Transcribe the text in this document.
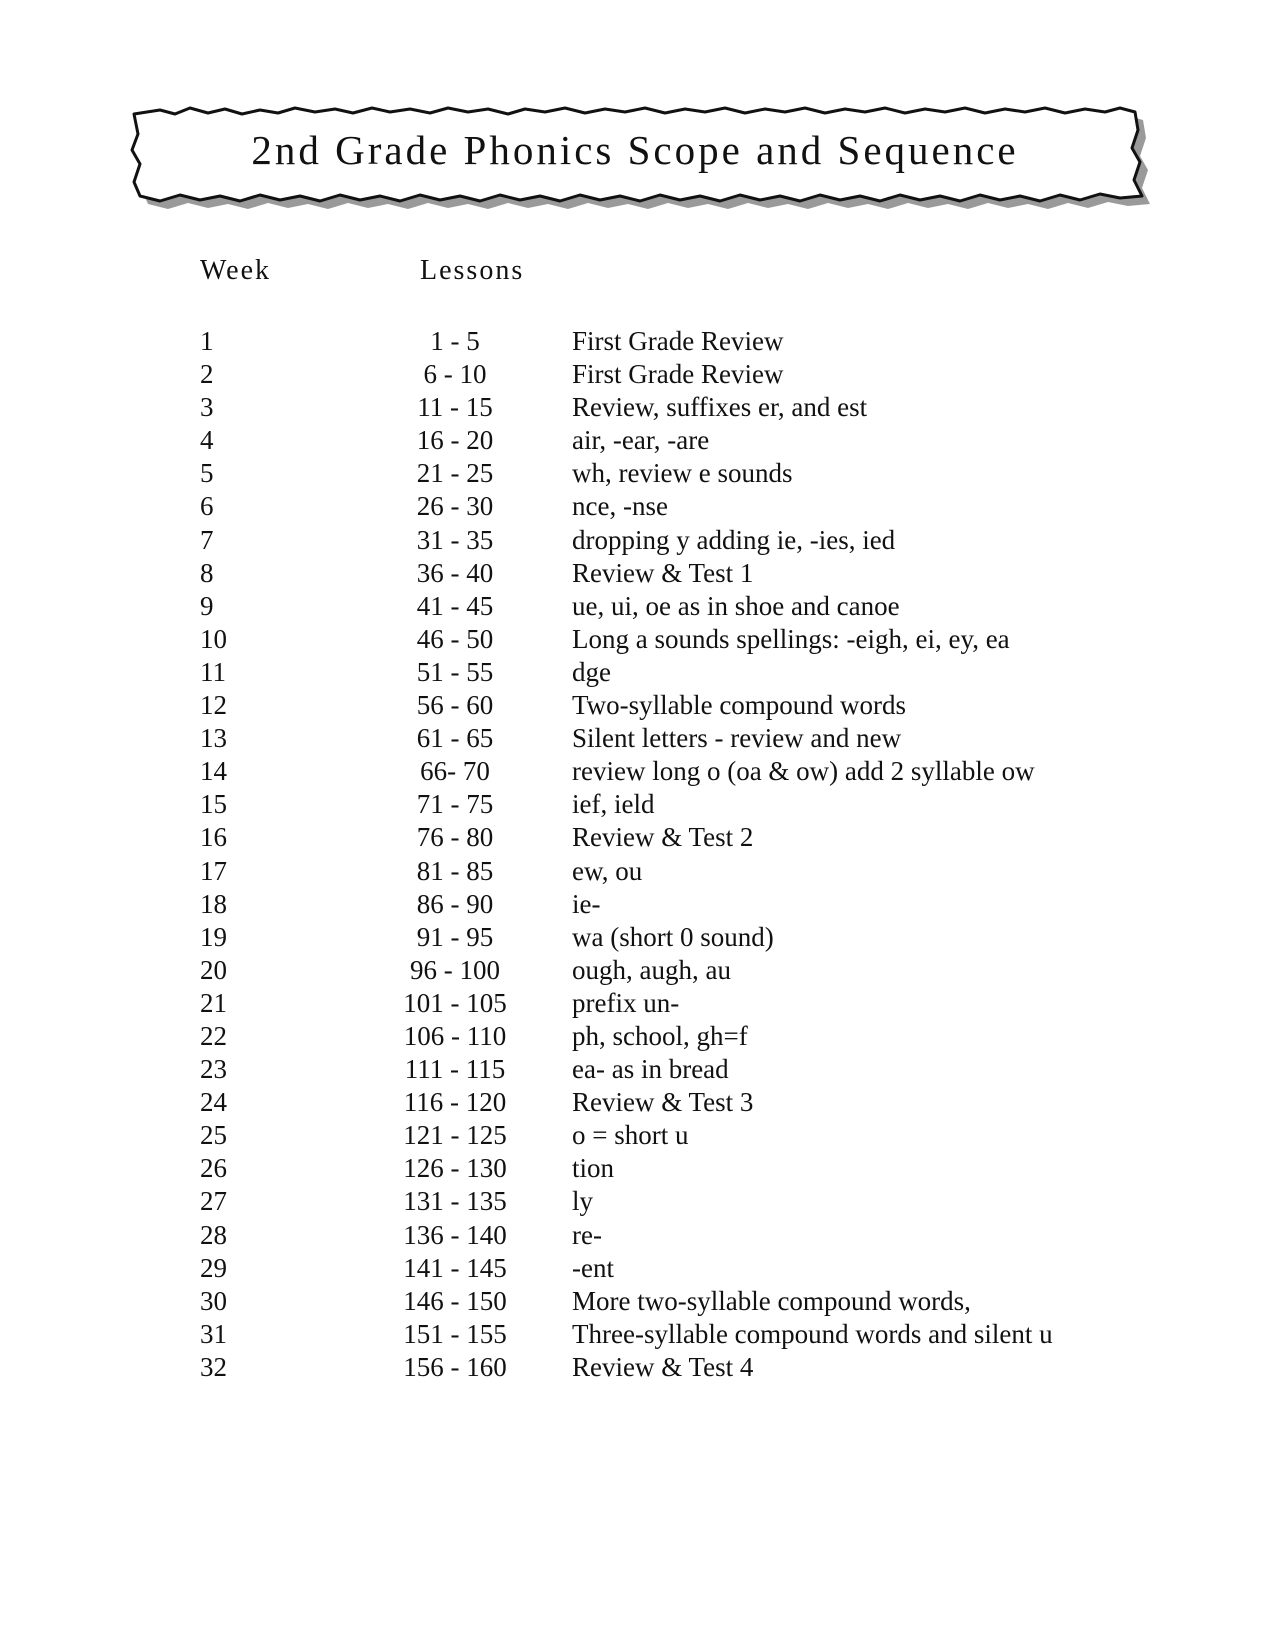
2nd Grade Phonics Scope and Sequence
Week	Lessons
1	1 - 5	First Grade Review
2	6 - 10	First Grade Review
3	11 - 15	Review, suffixes er, and est
4	16 - 20	air, -ear, -are
5	21 - 25	wh, review e sounds
6	26 - 30	nce, -nse
7	31 - 35	dropping y adding ie, -ies, ied
8	36 - 40	Review & Test 1
9	41 - 45	ue, ui, oe as in shoe and canoe
10	46 - 50	Long a sounds spellings: -eigh, ei, ey, ea
11	51 - 55	dge
12	56 - 60	Two-syllable compound words
13	61 - 65	Silent letters - review and new
14	66- 70	review long o (oa & ow) add 2 syllable ow
15	71 - 75	ief, ield
16	76 - 80	Review & Test 2
17	81 - 85	ew, ou
18	86 - 90	ie-
19	91 - 95	wa (short 0 sound)
20	96 - 100	ough, augh, au
21	101 - 105	prefix un-
22	106 - 110	ph, school, gh=f
23	111 - 115	ea- as in bread
24	116 - 120	Review & Test 3
25	121 - 125	o = short u
26	126 - 130	tion
27	131 - 135	ly
28	136 - 140	re-
29	141 - 145	-ent
30	146 - 150	More two-syllable compound words,
31	151 - 155	Three-syllable compound words and silent u
32	156 - 160	Review & Test 4
